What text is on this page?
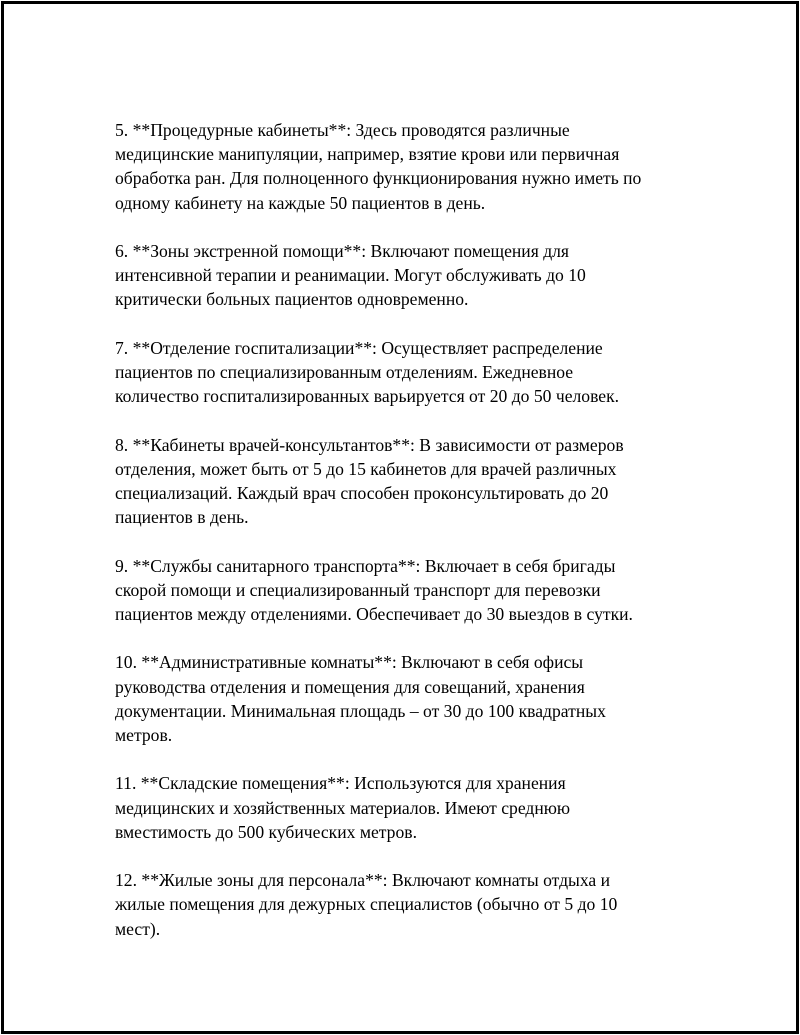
5. **Процедурные кабинеты**: Здесь проводятся различные
медицинские манипуляции, например, взятие крови или первичная
обработка ран. Для полноценного функционирования нужно иметь по
одному кабинету на каждые 50 пациентов в день.

6. **Зоны экстренной помощи**: Включают помещения для
интенсивной терапии и реанимации. Могут обслуживать до 10
критически больных пациентов одновременно.

7. **Отделение госпитализации**: Осуществляет распределение
пациентов по специализированным отделениям. Ежедневное
количество госпитализированных варьируется от 20 до 50 человек.

8. **Кабинеты врачей-консультантов**: В зависимости от размеров
отделения, может быть от 5 до 15 кабинетов для врачей различных
специализаций. Каждый врач способен проконсультировать до 20
пациентов в день.

9. **Службы санитарного транспорта**: Включает в себя бригады
скорой помощи и специализированный транспорт для перевозки
пациентов между отделениями. Обеспечивает до 30 выездов в сутки.

10. **Административные комнаты**: Включают в себя офисы
руководства отделения и помещения для совещаний, хранения
документации. Минимальная площадь – от 30 до 100 квадратных
метров.

11. **Складские помещения**: Используются для хранения
медицинских и хозяйственных материалов. Имеют среднюю
вместимость до 500 кубических метров.

12. **Жилые зоны для персонала**: Включают комнаты отдыха и
жилые помещения для дежурных специалистов (обычно от 5 до 10
мест).
